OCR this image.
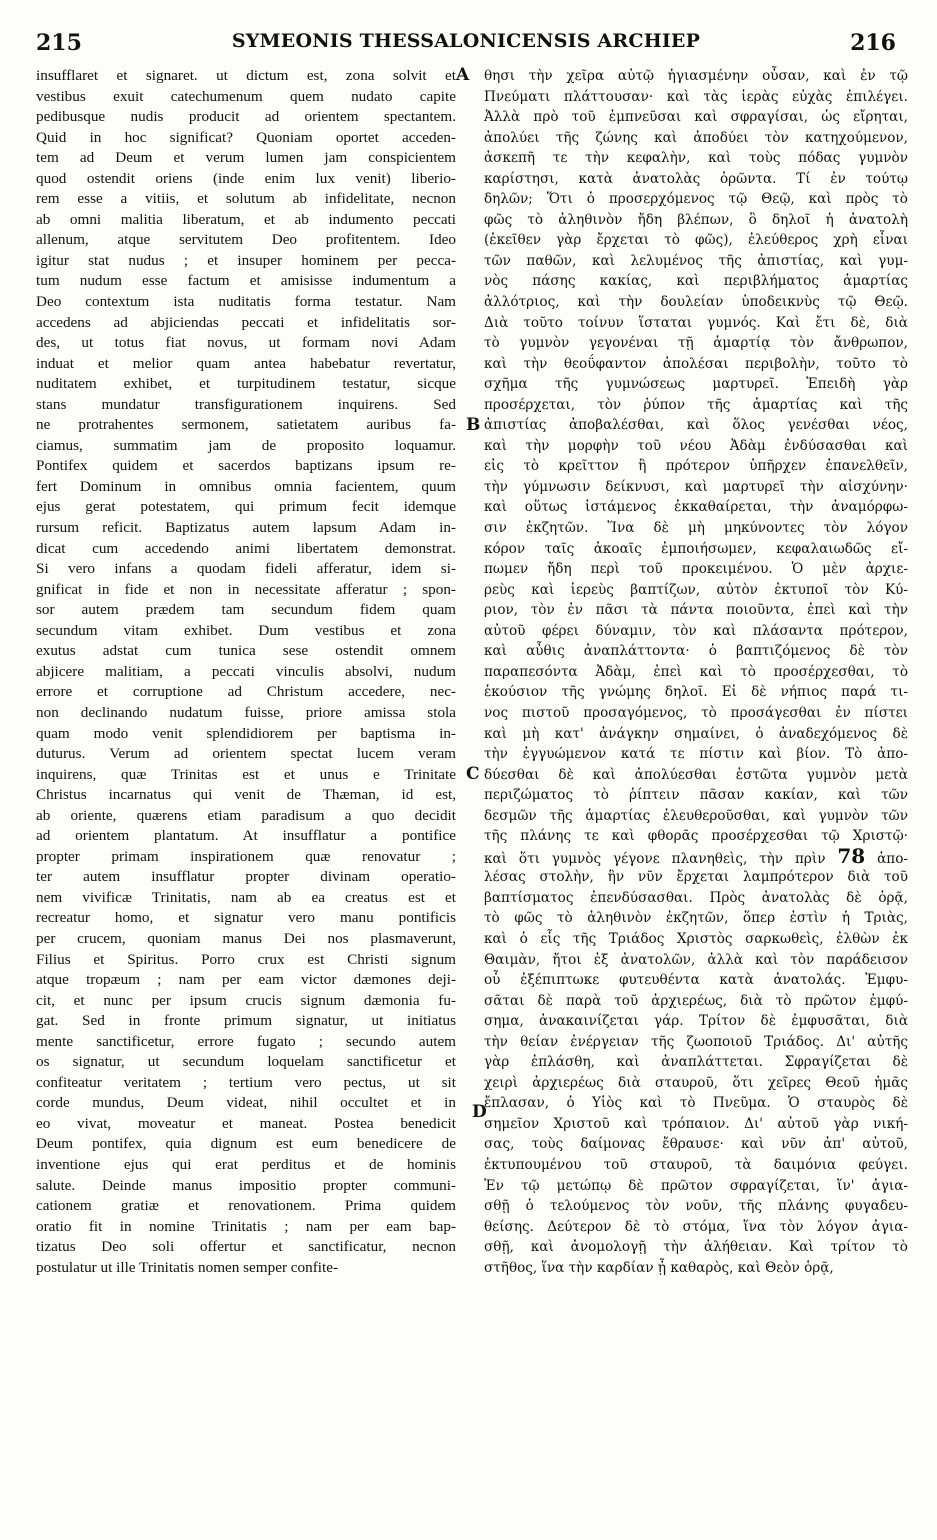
215	SYMEONIS THESSALONICENSIS ARCHIEP	216
A
B
C
D
insufflaret et signaret. ut dictum est, zona solvit et
vestibus exuit catechumenum quem nudato capite
pedibusque nudis producit ad orientem spectantem.
Quid in hoc significat? Quoniam oportet acceden-
tem ad Deum et verum lumen jam conspicientem
quod ostendit oriens (inde enim lux venit) liberio-
rem esse a vitiis, et solutum ab infidelitate, necnon
ab omni malitia liberatum, et ab indumento peccati
allenum, atque servitutem Deo profitentem. Ideo
igitur stat nudus ; et insuper hominem per pecca-
tum nudum esse factum et amisisse indumentum a
Deo contextum ista nuditatis forma testatur. Nam
accedens ad abjiciendas peccati et infidelitatis sor-
des, ut totus fiat novus, ut formam novi Adam
induat et melior quam antea habebatur revertatur,
nuditatem exhibet, et turpitudinem testatur, sicque
stans mundatur transfigurationem inquirens. Sed
ne protrahentes sermonem, satietatem auribus fa-
ciamus, summatim jam de proposito loquamur.
Pontifex quidem et sacerdos baptizans ipsum re-
fert Dominum in omnibus omnia facientem, quum
ejus gerat potestatem, qui primum fecit idemque
rursum reficit. Baptizatus autem lapsum Adam in-
dicat cum accedendo animi libertatem demonstrat.
Si vero infans a quodam fideli afferatur, idem si-
gnificat in fide et non in necessitate afferatur ; spon-
sor autem prædem tam secundum fidem quam
secundum vitam exhibet. Dum vestibus et zona
exutus adstat cum tunica sese ostendit omnem
abjicere malitiam, a peccati vinculis absolvi, nudum
errore et corruptione ad Christum accedere, nec-
non declinando nudatum fuisse, priore amissa stola
quam modo venit splendidiorem per baptisma in-
duturus. Verum ad orientem spectat lucem veram
inquirens, quæ Trinitas est et unus e Trinitate
Christus incarnatus qui venit de Thæman, id est,
ab oriente, quærens etiam paradisum a quo decidit
ad orientem plantatum. At insufflatur a pontifice
propter primam inspirationem quæ renovatur ;
ter autem insufflatur propter divinam operatio-
nem vivificæ Trinitatis, nam ab ea creatus est et
recreatur homo, et signatur vero manu pontificis
per crucem, quoniam manus Dei nos plasmaverunt,
Filius et Spiritus. Porro crux est Christi signum
atque tropæum ; nam per eam victor dæmones deji-
cit, et nunc per ipsum crucis signum dæmonia fu-
gat. Sed in fronte primum signatur, ut initiatus
mente sanctificetur, errore fugato ; secundo autem
os signatur, ut secundum loquelam sanctificetur et
confiteatur veritatem ; tertium vero pectus, ut sit
corde mundus, Deum videat, nihil occultet et in
eo vivat, moveatur et maneat. Postea benedicit
Deum pontifex, quia dignum est eum benedicere de
inventione ejus qui erat perditus et de hominis
salute. Deinde manus impositio propter communi-
cationem gratiæ et renovationem. Prima quidem
oratio fit in nomine Trinitatis ; nam per eam bap-
tizatus Deo soli offertur et sanctificatur, necnon
postulatur ut ille Trinitatis nomen semper confite-
θησι τὴν χεῖρα αὐτῷ ἡγιασμένην οὖσαν, καὶ ἐν τῷ
Πνεύματι πλάττουσαν· καὶ τὰς ἱερὰς εὐχὰς ἐπιλέγει.
Ἀλλὰ πρὸ τοῦ ἐμπνεῦσαι καὶ σφραγίσαι, ὡς εἴρηται,
ἀπολύει τῆς ζώνης καὶ ἀποδύει τὸν κατηχούμενον,
ἀσκεπῆ τε τὴν κεφαλὴν, καὶ τοὺς πόδας γυμνὸν
καρίστησι, κατὰ ἀνατολὰς ὁρῶντα. Τί ἐν τούτῳ
δηλῶν; Ὅτι ὁ προσερχόμενος τῷ Θεῷ, καὶ πρὸς τὸ
φῶς τὸ ἀληθινὸν ἤδη βλέπων, ὃ δηλοῖ ἡ ἀνατολὴ
(ἐκεῖθεν γὰρ ἔρχεται τὸ φῶς), ἐλεύθερος χρὴ εἶναι
τῶν παθῶν, καὶ λελυμένος τῆς ἀπιστίας, καὶ γυμ-
νὸς πάσης κακίας, καὶ περιβλήματος ἁμαρτίας
ἀλλότριος, καὶ τὴν δουλείαν ὑποδεικνὺς τῷ Θεῷ.
Διὰ τοῦτο τοίνυν ἵσταται γυμνός. Καὶ ἔτι δὲ, διὰ
τὸ γυμνὸν γεγονέναι τῇ ἁμαρτίᾳ τὸν ἄνθρωπον,
καὶ τὴν θεοΰφαντον ἀπολέσαι περιβολὴν, τοῦτο τὸ
σχῆμα τῆς γυμνώσεως μαρτυρεῖ. Ἐπειδὴ γὰρ
προσέρχεται, τὸν ῥύπον τῆς ἁμαρτίας καὶ τῆς
ἀπιστίας ἀποβαλέσθαι, καὶ ὅλος γενέσθαι νέος,
καὶ τὴν μορφὴν τοῦ νέου Ἀδὰμ ἐνδύσασθαι καὶ
εἰς τὸ κρεῖττον ἢ πρότερον ὑπῆρχεν ἐπανελθεῖν,
τὴν γύμνωσιν δείκνυσι, καὶ μαρτυρεῖ τὴν αἰσχύνην·
καὶ οὕτως ἱστάμενος ἐκκαθαίρεται, τὴν ἀναμόρφω-
σιν ἐκζητῶν. Ἵνα δὲ μὴ μηκύνοντες τὸν λόγον
κόρον ταῖς ἀκοαῖς ἐμποιήσωμεν, κεφαλαιωδῶς εἴ-
πωμεν ἤδη περὶ τοῦ προκειμένου. Ὁ μὲν ἀρχιε-
ρεὺς καὶ ἱερεὺς βαπτίζων, αὐτὸν ἐκτυποῖ τὸν Κύ-
ριον, τὸν ἐν πᾶσι τὰ πάντα ποιοῦντα, ἐπεὶ καὶ τὴν
αὐτοῦ φέρει δύναμιν, τὸν καὶ πλάσαντα πρότερον,
καὶ αὖθις ἀναπλάττοντα· ὁ βαπτιζόμενος δὲ τὸν
παραπεσόντα Ἀδὰμ, ἐπεὶ καὶ τὸ προσέρχεσθαι, τὸ
ἑκούσιον τῆς γνώμης δηλοῖ. Εἰ δὲ νήπιος παρά τι-
νος πιστοῦ προσαγόμενος, τὸ προσάγεσθαι ἐν πίστει
καὶ μὴ κατ' ἀνάγκην σημαίνει, ὁ ἀναδεχόμενος δὲ
τὴν ἐγγυώμενον κατά τε πίστιν καὶ βίον. Τὸ ἀπο-
δύεσθαι δὲ καὶ ἀπολύεσθαι ἑστῶτα γυμνὸν μετὰ
περιζώματος τὸ ῥίπτειν πᾶσαν κακίαν, καὶ τῶν
δεσμῶν τῆς ἁμαρτίας ἐλευθεροῦσθαι, καὶ γυμνὸν τῶν
τῆς πλάνης τε καὶ φθορᾶς προσέρχεσθαι τῷ Χριστῷ·
καὶ ὅτι γυμνὸς γέγονε πλανηθεὶς, τὴν πρὶν 78 ἀπο-
λέσας στολὴν, ἣν νῦν ἔρχεται λαμπρότερον διὰ τοῦ
βαπτίσματος ἐπενδύσασθαι. Πρὸς ἀνατολὰς δὲ ὁρᾷ,
τὸ φῶς τὸ ἀληθινὸν ἐκζητῶν, ὅπερ ἐστὶν ἡ Τριὰς,
καὶ ὁ εἷς τῆς Τριάδος Χριστὸς σαρκωθεὶς, ἐλθὼν ἐκ
Θαιμὰν, ἤτοι ἐξ ἀνατολῶν, ἀλλὰ καὶ τὸν παράδεισον
οὗ ἐξέπιπτωκε φυτευθέντα κατὰ ἀνατολάς. Ἐμφυ-
σᾶται δὲ παρὰ τοῦ ἀρχιερέως, διὰ τὸ πρῶτον ἐμφύ-
σημα, ἀνακαινίζεται γάρ. Τρίτον δὲ ἐμφυσᾶται, διὰ
τὴν θείαν ἐνέργειαν τῆς ζωοποιοῦ Τριάδος. Δι' αὐτῆς
γὰρ ἐπλάσθη, καὶ ἀναπλάττεται. Σφραγίζεται δὲ
χειρὶ ἀρχιερέως διὰ σταυροῦ, ὅτι χεῖρες Θεοῦ ἡμᾶς
ἔπλασαν, ὁ Υἱὸς καὶ τὸ Πνεῦμα. Ὁ σταυρὸς δὲ
σημεῖον Χριστοῦ καὶ τρόπαιον. Δι' αὐτοῦ γὰρ νική-
σας, τοὺς δαίμονας ἔθραυσε· καὶ νῦν ἀπ' αὐτοῦ,
ἐκτυπουμένου τοῦ σταυροῦ, τὰ δαιμόνια φεύγει.
Ἐν τῷ μετώπῳ δὲ πρῶτον σφραγίζεται, ἵν' ἁγια-
σθῇ ὁ τελούμενος τὸν νοῦν, τῆς πλάνης φυγαδευ-
θείσης. Δεύτερον δὲ τὸ στόμα, ἵνα τὸν λόγον ἁγια-
σθῇ, καὶ ἀνομολογῇ τὴν ἀλήθειαν. Καὶ τρίτον τὸ
στῆθος, ἵνα τὴν καρδίαν ᾖ καθαρὸς, καὶ Θεὸν ὁρᾷ,
